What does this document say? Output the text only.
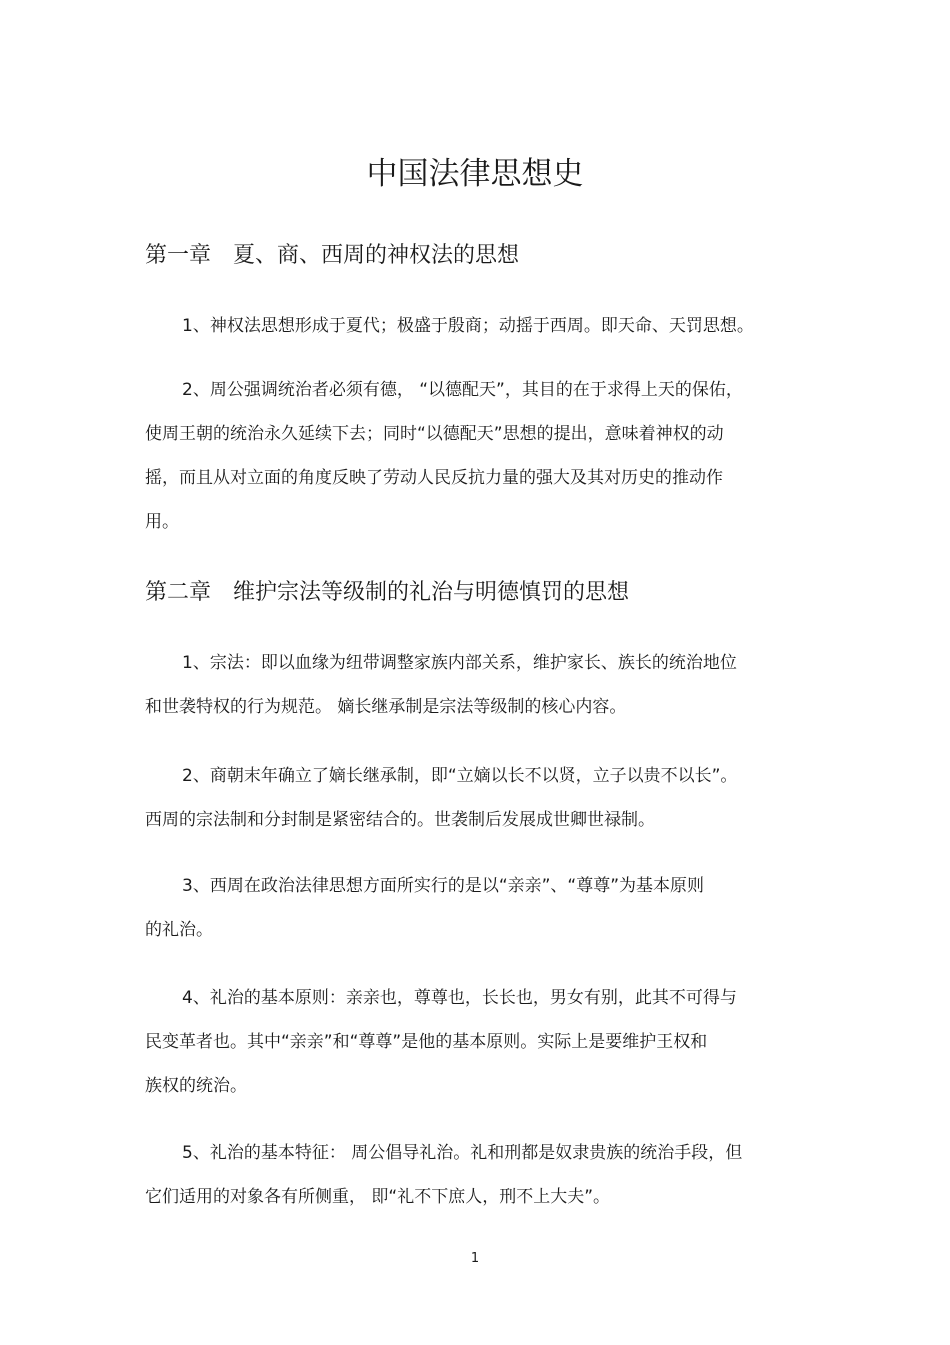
中国法律思想史
第一章 夏、商、西周的神权法的思想

1、神权法思想形成于夏代；极盛于殷商；动摇于西周。即天命、天罚思想。

2、周公强调统治者必须有德， “以德配天”，其目的在于求得上天的保佑，
使周王朝的统治永久延续下去；同时“以德配天”思想的提出，意味着神权的动
摇，而且从对立面的角度反映了劳动人民反抗力量的强大及其对历史的推动作
用。

第二章 维护宗法等级制的礼治与明德慎罚的思想

1、宗法：即以血缘为纽带调整家族内部关系，维护家长、族长的统治地位
和世袭特权的行为规范。 嫡长继承制是宗法等级制的核心内容。

2、商朝末年确立了嫡长继承制，即“立嫡以长不以贤，立子以贵不以长”。
西周的宗法制和分封制是紧密结合的。世袭制后发展成世卿世禄制。

3、西周在政治法律思想方面所实行的是以“亲亲”、“尊尊”为基本原则
的礼治。

4、礼治的基本原则：亲亲也，尊尊也，长长也，男女有别，此其不可得与
民变革者也。其中“亲亲”和“尊尊”是他的基本原则。实际上是要维护王权和
族权的统治。

5、礼治的基本特征： 周公倡导礼治。礼和刑都是奴隶贵族的统治手段，但
它们适用的对象各有所侧重， 即“礼不下庶人，刑不上大夫”。

1
